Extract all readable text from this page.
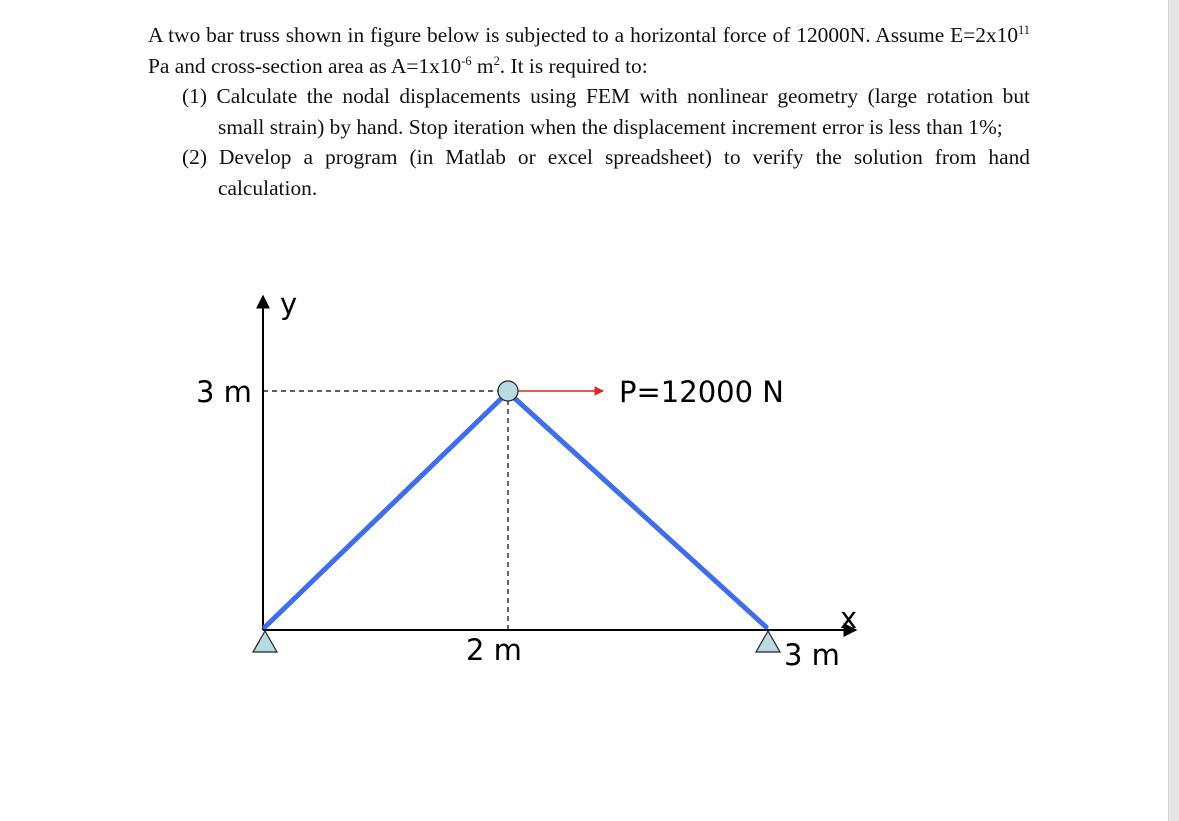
A two bar truss shown in figure below is subjected to a horizontal force of 12000N. Assume $E=2x10^{11}$ Pa and cross-section area as $A=1x10^{-6}$ $m^2$. It is required to:

(1) Calculate the nodal displacements using FEM with nonlinear geometry (large rotation but small strain) by hand. Stop iteration when the displacement increment error is less than 1%;

(2) Develop a program (in Matlab or excel spreadsheet) to verify the solution from hand calculation.

y
x
3 m	P=12000 N
2 m	3 m
